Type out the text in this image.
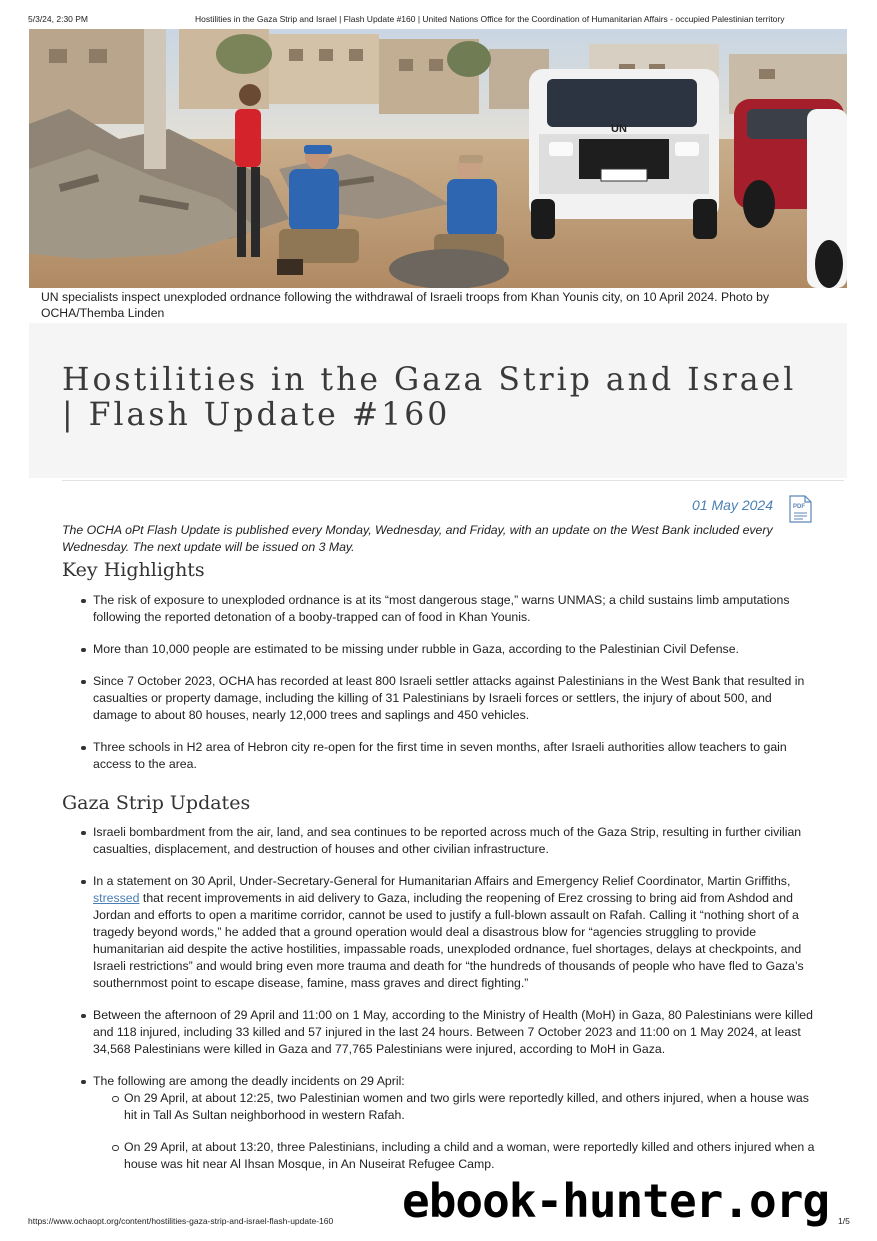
5/3/24, 2:30 PM	Hostilities in the Gaza Strip and Israel | Flash Update #160 | United Nations Office for the Coordination of Humanitarian Affairs - occupied Palestinian territory
UN
UN specialists inspect unexploded ordnance following the withdrawal of Israeli troops from Khan Younis city, on 10 April 2024. Photo by OCHA/Themba Linden
Hostilities in the Gaza Strip and Israel | Flash Update #160
01 May 2024	PDF

The OCHA oPt Flash Update is published every Monday, Wednesday, and Friday, with an update on the West Bank included every Wednesday. The next update will be issued on 3 May.

Key Highlights
The risk of exposure to unexploded ordnance is at its “most dangerous stage,” warns UNMAS; a child sustains limb amputations following the reported detonation of a booby-trapped can of food in Khan Younis.
More than 10,000 people are estimated to be missing under rubble in Gaza, according to the Palestinian Civil Defense.
Since 7 October 2023, OCHA has recorded at least 800 Israeli settler attacks against Palestinians in the West Bank that resulted in casualties or property damage, including the killing of 31 Palestinians by Israeli forces or settlers, the injury of about 500, and damage to about 80 houses, nearly 12,000 trees and saplings and 450 vehicles.
Three schools in H2 area of Hebron city re-open for the first time in seven months, after Israeli authorities allow teachers to gain access to the area.
Gaza Strip Updates
Israeli bombardment from the air, land, and sea continues to be reported across much of the Gaza Strip, resulting in further civilian casualties, displacement, and destruction of houses and other civilian infrastructure.
In a statement on 30 April, Under-Secretary-General for Humanitarian Affairs and Emergency Relief Coordinator, Martin Griffiths, stressed that recent improvements in aid delivery to Gaza, including the reopening of Erez crossing to bring aid from Ashdod and Jordan and efforts to open a maritime corridor, cannot be used to justify a full-blown assault on Rafah. Calling it “nothing short of a tragedy beyond words,” he added that a ground operation would deal a disastrous blow for “agencies struggling to provide humanitarian aid despite the active hostilities, impassable roads, unexploded ordnance, fuel shortages, delays at checkpoints, and Israeli restrictions” and would bring even more trauma and death for “the hundreds of thousands of people who have fled to Gaza’s southernmost point to escape disease, famine, mass graves and direct fighting.”
Between the afternoon of 29 April and 11:00 on 1 May, according to the Ministry of Health (MoH) in Gaza, 80 Palestinians were killed and 118 injured, including 33 killed and 57 injured in the last 24 hours. Between 7 October 2023 and 11:00 on 1 May 2024, at least 34,568 Palestinians were killed in Gaza and 77,765 Palestinians were injured, according to MoH in Gaza.
The following are among the deadly incidents on 29 April:
On 29 April, at about 12:25, two Palestinian women and two girls were reportedly killed, and others injured, when a house was hit in Tall As Sultan neighborhood in western Rafah.
On 29 April, at about 13:20, three Palestinians, including a child and a woman, were reportedly killed and others injured when a house was hit near Al Ihsan Mosque, in An Nuseirat Refugee Camp.
https://www.ochaopt.org/content/hostilities-gaza-strip-and-israel-flash-update-160	1/5
ebook-hunter.org
